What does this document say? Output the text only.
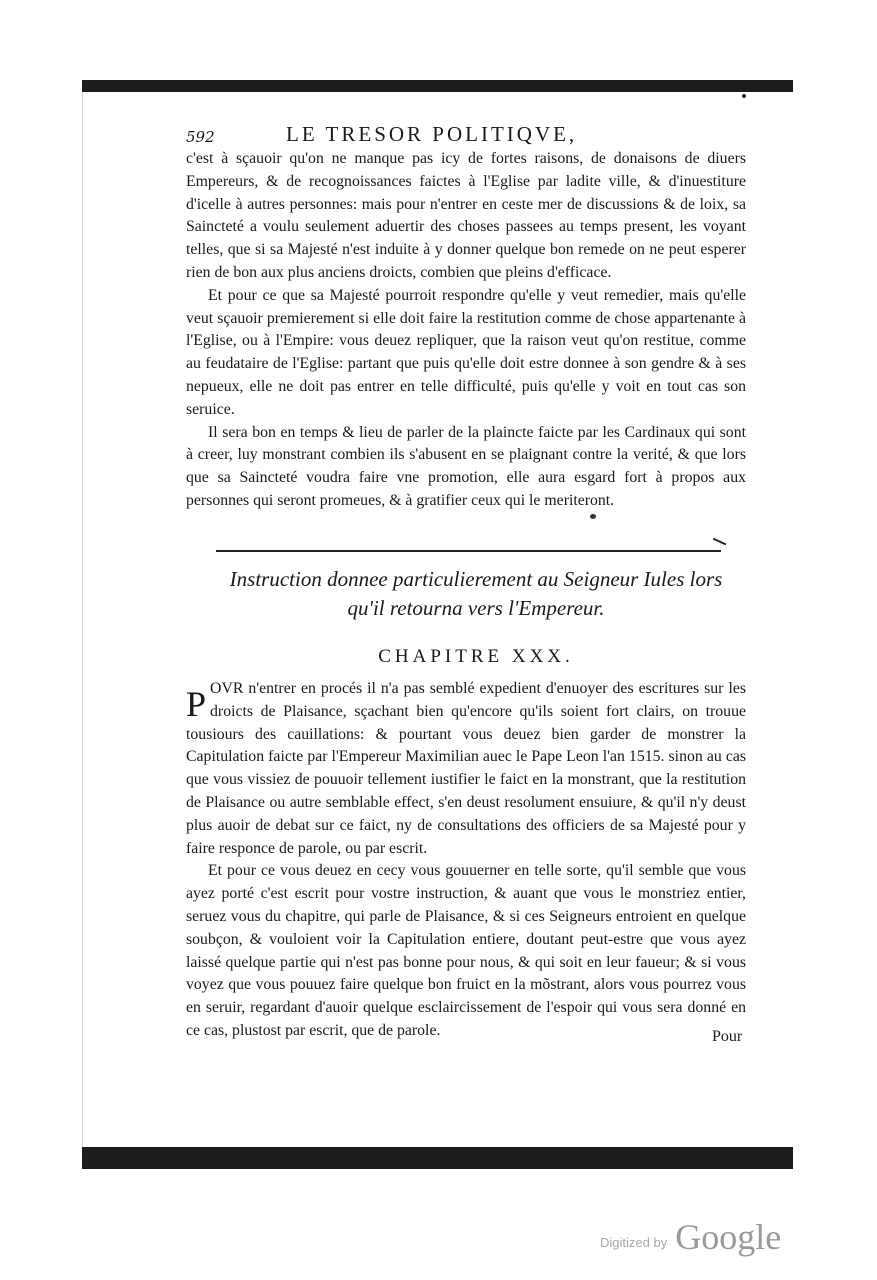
592	LE TRESOR POLITIQVE,

c'est à sçauoir qu'on ne manque pas icy de fortes raisons, de donaisons de diuers Empereurs, & de recognoissances faictes à l'Eglise par ladite ville, & d'inuestiture d'icelle à autres personnes: mais pour n'entrer en ceste mer de discussions & de loix, sa Saincteté a voulu seulement aduertir des choses passees au temps present, les voyant telles, que si sa Majesté n'est induite à y donner quelque bon remede on ne peut esperer rien de bon aux plus anciens droicts, combien que pleins d'efficace.

Et pour ce que sa Majesté pourroit respondre qu'elle y veut remedier, mais qu'elle veut sçauoir premierement si elle doit faire la restitution comme de chose appartenante à l'Eglise, ou à l'Empire: vous deuez repliquer, que la raison veut qu'on restitue, comme au feudataire de l'Eglise: partant que puis qu'elle doit estre donnee à son gendre & à ses nepueux, elle ne doit pas entrer en telle difficulté, puis qu'elle y voit en tout cas son seruice.

Il sera bon en temps & lieu de parler de la plaincte faicte par les Cardinaux qui sont à creer, luy monstrant combien ils s'abusent en se plaignant contre la verité, & que lors que sa Saincteté voudra faire vne promotion, elle aura esgard fort à propos aux personnes qui seront promeues, & à gratifier ceux qui le meriteront.

Instruction donnee particulierement au Seigneur Iules lors
qu'il retourna vers l'Empereur.
CHAPITRE XXX.

POVR n'entrer en procés il n'a pas semblé expedient d'enuoyer des escritures sur les droicts de Plaisance, sçachant bien qu'encore qu'ils soient fort clairs, on trouue tousiours des cauillations: & pourtant vous deuez bien garder de monstrer la Capitulation faicte par l'Empereur Maximilian auec le Pape Leon l'an 1515. sinon au cas que vous vissiez de pouuoir tellement iustifier le faict en la monstrant, que la restitution de Plaisance ou autre semblable effect, s'en deust resolument ensuiure, & qu'il n'y deust plus auoir de debat sur ce faict, ny de consultations des officiers de sa Majesté pour y faire responce de parole, ou par escrit.

Et pour ce vous deuez en cecy vous gouuerner en telle sorte, qu'il semble que vous ayez porté c'est escrit pour vostre instruction, & auant que vous le monstriez entier, seruez vous du chapitre, qui parle de Plaisance, & si ces Seigneurs entroient en quelque soubçon, & vouloient voir la Capitulation entiere, doutant peut-estre que vous ayez laissé quelque partie qui n'est pas bonne pour nous, & qui soit en leur faueur; & si vous voyez que vous pouuez faire quelque bon fruict en la mõstrant, alors vous pourrez vous en seruir, regardant d'auoir quelque esclaircissement de l'espoir qui vous sera donné en ce cas, plustost par escrit, que de parole.	Pour
Digitized by Google
